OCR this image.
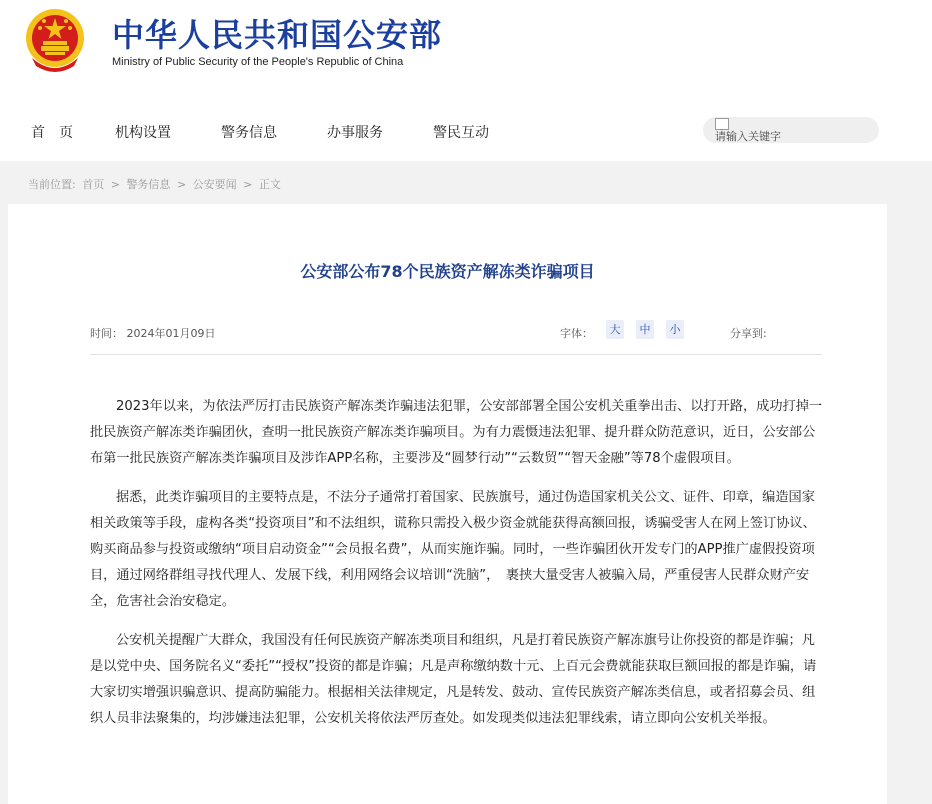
中华人民共和国公安部
Ministry of Public Security of the People's Republic of China
首　页	机构设置	警务信息	办事服务	警民互动	请输入关键字
当前位置: 首页 > 警务信息 > 公安要闻 > 正文
公安部公布78个民族资产解冻类诈骗项目
时间： 2024年01月09日	字体：	大	中	小	分享到:

2023年以来，为依法严厉打击民族资产解冻类诈骗违法犯罪，公安部部署全国公安机关重拳出击、以打开路，成功打掉一批民族资产解冻类诈骗团伙，查明一批民族资产解冻类诈骗项目。为有力震慑违法犯罪、提升群众防范意识，近日，公安部公布第一批民族资产解冻类诈骗项目及涉诈APP名称，主要涉及“圆梦行动”“云数贸”“智天金融”等78个虚假项目。

据悉，此类诈骗项目的主要特点是，不法分子通常打着国家、民族旗号，通过伪造国家机关公文、证件、印章，编造国家相关政策等手段，虚构各类“投资项目”和不法组织，谎称只需投入极少资金就能获得高额回报，诱骗受害人在网上签订协议、购买商品参与投资或缴纳“项目启动资金”“会员报名费”，从而实施诈骗。同时，一些诈骗团伙开发专门的APP推广虚假投资项目，通过网络群组寻找代理人、发展下线，利用网络会议培训“洗脑”，　裹挟大量受害人被骗入局，严重侵害人民群众财产安全，危害社会治安稳定。

公安机关提醒广大群众，我国没有任何民族资产解冻类项目和组织，凡是打着民族资产解冻旗号让你投资的都是诈骗；凡是以党中央、国务院名义“委托”“授权”投资的都是诈骗；凡是声称缴纳数十元、上百元会费就能获取巨额回报的都是诈骗，请大家切实增强识骗意识、提高防骗能力。根据相关法律规定，凡是转发、鼓动、宣传民族资产解冻类信息，或者招募会员、组织人员非法聚集的，均涉嫌违法犯罪，公安机关将依法严厉查处。如发现类似违法犯罪线索，请立即向公安机关举报。
